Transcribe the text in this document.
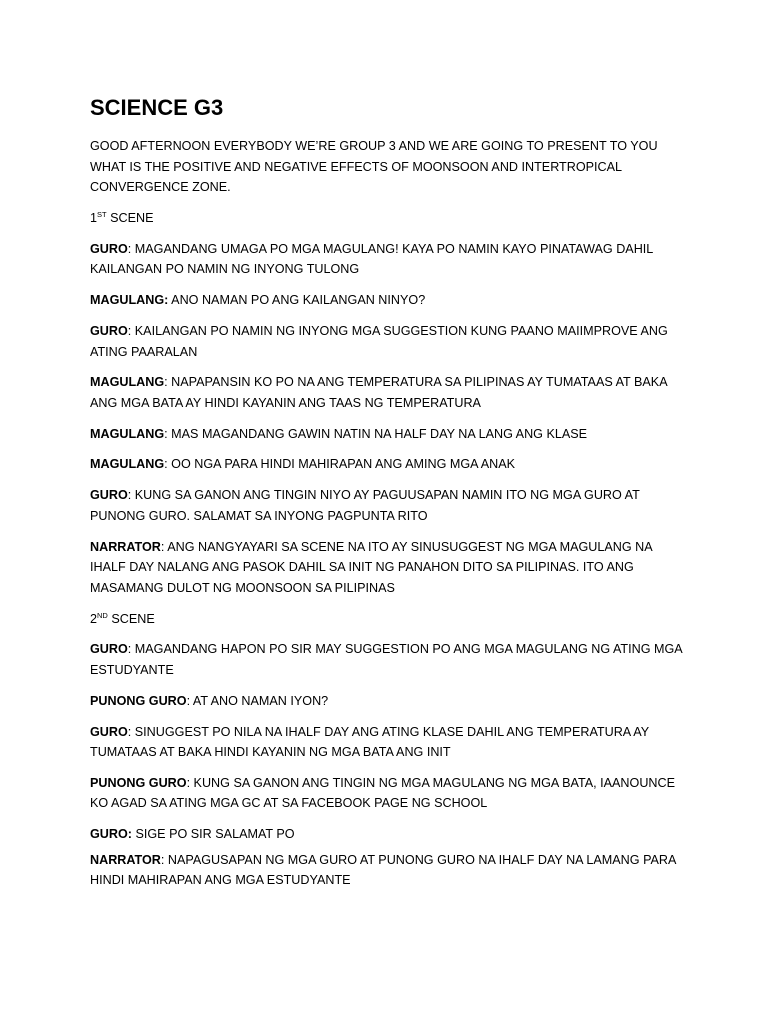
SCIENCE G3

GOOD AFTERNOON EVERYBODY WE’RE GROUP 3 AND WE ARE GOING TO PRESENT TO YOU WHAT IS THE POSITIVE AND NEGATIVE EFFECTS OF MOONSOON AND INTERTROPICAL CONVERGENCE ZONE.

1ST SCENE

GURO: MAGANDANG UMAGA PO MGA MAGULANG! KAYA PO NAMIN KAYO PINATAWAG DAHIL KAILANGAN PO NAMIN NG INYONG TULONG

MAGULANG: ANO NAMAN PO ANG KAILANGAN NINYO?

GURO: KAILANGAN PO NAMIN NG INYONG MGA SUGGESTION KUNG PAANO MAIIMPROVE ANG ATING PAARALAN

MAGULANG: NAPAPANSIN KO PO NA ANG TEMPERATURA SA PILIPINAS AY TUMATAAS AT BAKA ANG MGA BATA AY HINDI KAYANIN ANG TAAS NG TEMPERATURA

MAGULANG: MAS MAGANDANG GAWIN NATIN NA HALF DAY NA LANG ANG KLASE

MAGULANG: OO NGA PARA HINDI MAHIRAPAN ANG AMING MGA ANAK

GURO: KUNG SA GANON ANG TINGIN NIYO AY PAGUUSAPAN NAMIN ITO NG MGA GURO AT PUNONG GURO. SALAMAT SA INYONG PAGPUNTA RITO

NARRATOR: ANG NANGYAYARI SA SCENE NA ITO AY SINUSUGGEST NG MGA MAGULANG NA IHALF DAY NALANG ANG PASOK DAHIL SA INIT NG PANAHON DITO SA PILIPINAS. ITO ANG MASAMANG DULOT NG MOONSOON SA PILIPINAS

2ND SCENE

GURO: MAGANDANG HAPON PO SIR MAY SUGGESTION PO ANG MGA MAGULANG NG ATING MGA ESTUDYANTE

PUNONG GURO: AT ANO NAMAN IYON?

GURO: SINUGGEST PO NILA NA IHALF DAY ANG ATING KLASE DAHIL ANG TEMPERATURA AY TUMATAAS AT BAKA HINDI KAYANIN NG MGA BATA ANG INIT

PUNONG GURO: KUNG SA GANON ANG TINGIN NG MGA MAGULANG NG MGA BATA, IAANOUNCE KO AGAD SA ATING MGA GC AT SA FACEBOOK PAGE NG SCHOOL

GURO: SIGE PO SIR SALAMAT PO

NARRATOR: NAPAGUSAPAN NG MGA GURO AT PUNONG GURO NA IHALF DAY NA LAMANG PARA HINDI MAHIRAPAN ANG MGA ESTUDYANTE
